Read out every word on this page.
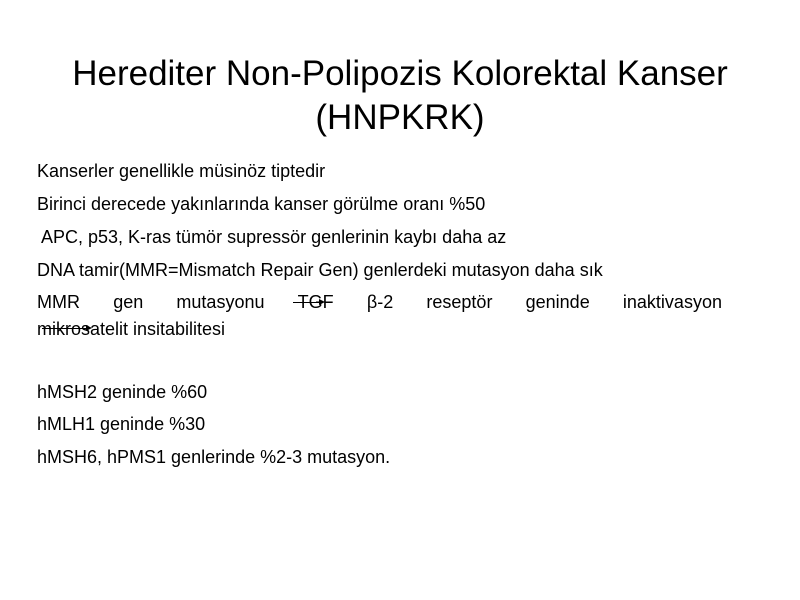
Herediter Non-Polipozis Kolorektal Kanser
(HNPKRK)
Kanserler genellikle müsinöz tiptedir
Birinci derecede yakınlarında kanser görülme oranı %50
APC, p53, K-ras tümör supressör genlerinin kaybı daha az
DNA tamir(MMR=Mismatch Repair Gen) genlerdeki mutasyon daha sık
MMR gen mutasyonu TGF β-2 reseptör geninde inaktivasyon
mikrosatelit insitabilitesi
hMSH2 geninde %60
hMLH1 geninde %30
hMSH6, hPMS1 genlerinde %2-3 mutasyon.
